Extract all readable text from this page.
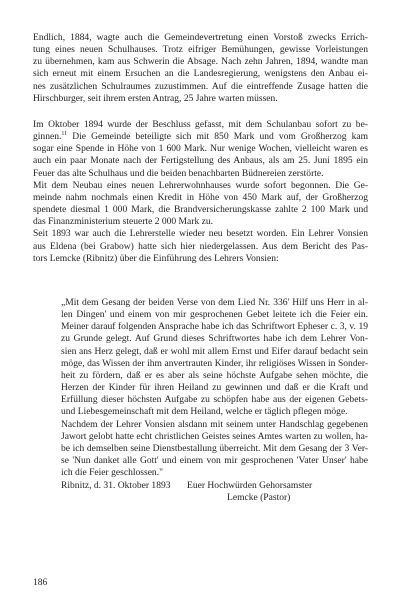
Endlich, 1884, wagte auch die Gemeindevertretung einen Vorstoß zwecks Errich-
tung eines neuen Schulhauses. Trotz eifriger Bemühungen, gewisse Vorleistungen
zu übernehmen, kam aus Schwerin die Absage. Nach zehn Jahren, 1894, wandte man
sich erneut mit einem Ersuchen an die Landesregierung, wenigstens den Anbau ei-
nes zusätzlichen Schulraumes zuzustimmen. Auf die eintreffende Zusage hatten die
Hirschburger, seit ihrem ersten Antrag, 25 Jahre warten müssen.
Im Oktober 1894 wurde der Beschluss gefasst, mit dem Schulanbau sofort zu be-
ginnen.$^{11}$ Die Gemeinde beteiligte sich mit 850 Mark und vom Großherzog kam
sogar eine Spende in Höhe von 1 600 Mark. Nur wenige Wochen, vielleicht waren es
auch ein paar Monate nach der Fertigstellung des Anbaus, als am 25. Juni 1895 ein
Feuer das alte Schulhaus und die beiden benachbarten Büdnereien zerstörte.
Mit dem Neubau eines neuen Lehrerwohnhauses wurde sofort begonnen. Die Ge-
meinde nahm nochmals einen Kredit in Höhe von 450 Mark auf, der Großherzog
spendete diesmal 1 000 Mark, die Brandversicherungskasse zahlte 2 100 Mark und
das Finanzministerium steuerte 2 000 Mark zu.
Seit 1893 war auch die Lehrerstelle wieder neu besetzt worden. Ein Lehrer Vonsien
aus Eldena (bei Grabow) hatte sich hier niedergelassen. Aus dem Bericht des Pas-
tors Lemcke (Ribnitz) über die Einführung des Lehrers Vonsien:
„Mit dem Gesang der beiden Verse von dem Lied Nr. 336' Hilf uns Herr in al-
len Dingen' und einem von mir gesprochenen Gebet leitete ich die Feier ein.
Meiner darauf folgenden Ansprache habe ich das Schriftwort Epheser c. 3, v. 19
zu Grunde gelegt. Auf Grund dieses Schriftwortes habe ich dem Lehrer Von-
sien ans Herz gelegt, daß er wohl mit allem Ernst und Eifer darauf bedacht sein
möge, das Wissen der ihm anvertrauten Kinder, ihr religiöses Wissen in Sonder-
heit zu fördern, daß er es aber als seine höchste Aufgabe sehen möchte, die
Herzen der Kinder für ihren Heiland zu gewinnen und daß er die Kraft und
Erfüllung dieser höchsten Aufgabe zu schöpfen habe aus der eigenen Gebets-
und Liebesgemeinschaft mit dem Heiland, welche er täglich pflegen möge.
Nachdem der Lehrer Vonsien alsdann mit seinem unter Handschlag gegebenen
Jawort gelobt hatte echt christlichen Geistes seines Amtes warten zu wollen, ha-
be ich demselben seine Dienstbestallung überreicht. Mit dem Gesang der 3 Ver-
se 'Nun danket alle Gott' und einem von mir gesprochenen 'Vater Unser' habe
ich die Feier geschlossen."
Ribnitz, d. 31. Oktober 1893 Euer Hochwürden Gehorsamster
Lemcke (Pastor)
186
